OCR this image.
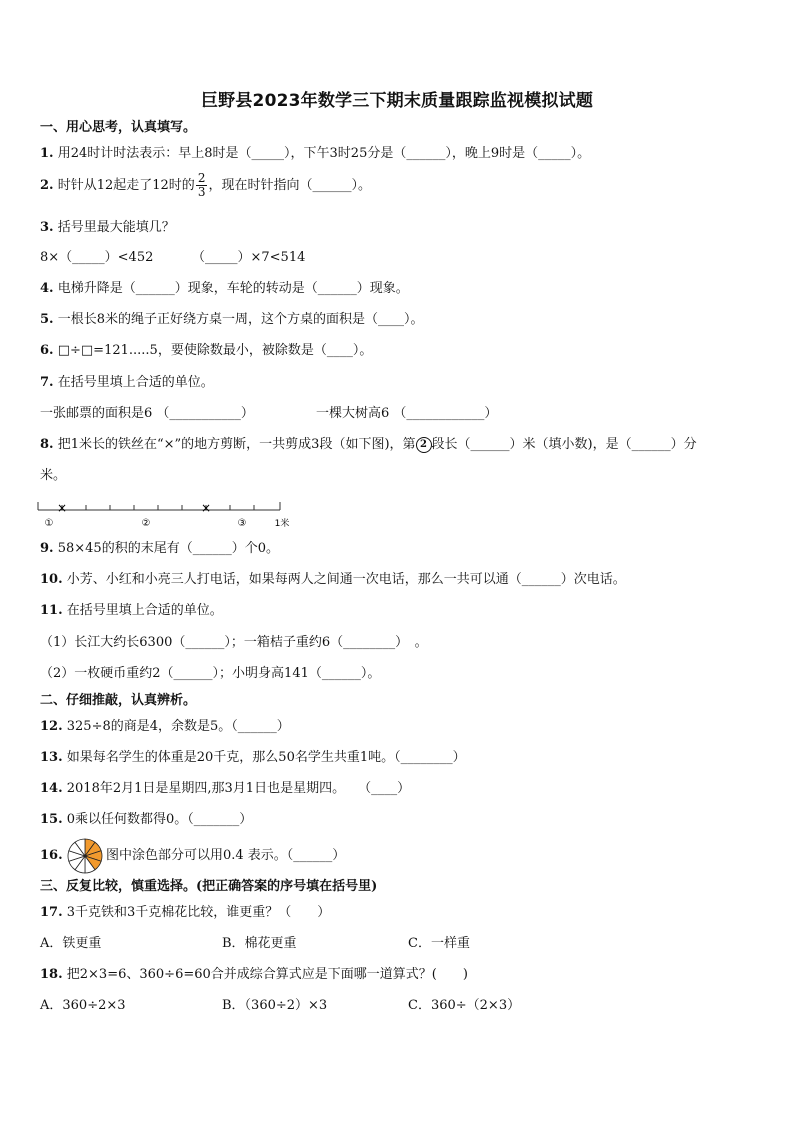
巨野县2023年数学三下期末质量跟踪监视模拟试题
一、用心思考，认真填写。
1. 用24时计时法表示：早上8时是（_____），下午3时25分是（______），晚上9时是（_____）。
2. 时针从12起走了12时的 $\frac{2}{3}$ ，现在时针指向（______）。
3. 括号里最大能填几？
8×（_____）<452	（_____）×7<514
4. 电梯升降是（______）现象，车轮的转动是（______）现象。
5. 一根长8米的绳子正好绕方桌一周，这个方桌的面积是（____）。
6. □÷□=121.....5，要使除数最小，被除数是（____）。
7. 在括号里填上合适的单位。
一张邮票的面积是6 （___________）	一棵大树高6 （____________）
8. 把1米长的铁丝在“×”的地方剪断，一共剪成3段（如下图)，第 2 段长（______）米（填小数)，是（______）分
米。
×	×
①	②	③	1米
9. 58×45的积的末尾有（______）个0。
10. 小芳、小红和小亮三人打电话，如果每两人之间通一次电话，那么一共可以通（______）次电话。
11. 在括号里填上合适的单位。
（1）长江大约长6300（______）；一箱桔子重约6（________）　。
（2）一枚硬币重约2（______）；小明身高141（______）。
二、仔细推敲，认真辨析。
12. 325÷8的商是4，余数是5。（______）
13. 如果每名学生的体重是20千克，那么50名学生共重1吨。（________）
14. 2018年2月1日是星期四,那3月1日也是星期四。　　（____）
15. 0乘以任何数都得0。（_______）
16.	图中涂色部分可以用0.4 表示。（______）
三、反复比较，慎重选择。(把正确答案的序号填在括号里)
17. 3千克铁和3千克棉花比较，谁更重？（　　）
A．铁更重	B．棉花更重	C．一样重
18. 把2×3=6、360÷6=60合并成综合算式应是下面哪一道算式？(　　)
A．360÷2×3	B．（360÷2）×3	C．360÷（2×3）
